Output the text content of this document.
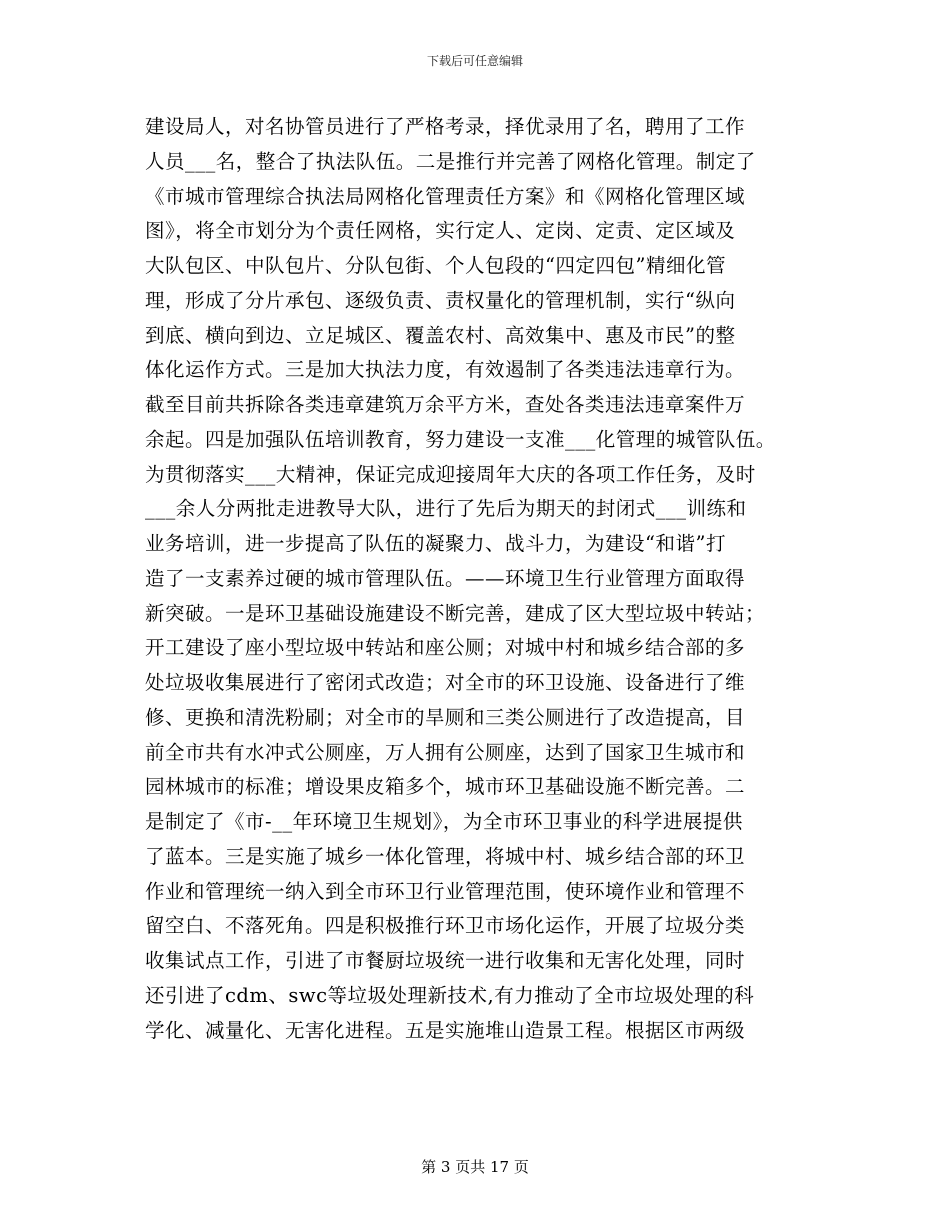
下载后可任意编辑
建设局人，对名协管员进行了严格考录，择优录用了名，聘用了工作
人员___名，整合了执法队伍。二是推行并完善了网格化管理。制定了
《市城市管理综合执法局网格化管理责任方案》和《网格化管理区域
图》，将全市划分为个责任网格，实行定人、定岗、定责、定区域及
大队包区、中队包片、分队包街、个人包段的“四定四包”精细化管
理，形成了分片承包、逐级负责、责权量化的管理机制，实行“纵向
到底、横向到边、立足城区、覆盖农村、高效集中、惠及市民”的整
体化运作方式。三是加大执法力度，有效遏制了各类违法违章行为。
截至目前共拆除各类违章建筑万余平方米，查处各类违法违章案件万
余起。四是加强队伍培训教育，努力建设一支准___化管理的城管队伍。
为贯彻落实___大精神，保证完成迎接周年大庆的各项工作任务，及时
___余人分两批走进教导大队，进行了先后为期天的封闭式___训练和
业务培训，进一步提高了队伍的凝聚力、战斗力，为建设“和谐”打
造了一支素养过硬的城市管理队伍。——环境卫生行业管理方面取得
新突破。一是环卫基础设施建设不断完善，建成了区大型垃圾中转站；
开工建设了座小型垃圾中转站和座公厕；对城中村和城乡结合部的多
处垃圾收集展进行了密闭式改造；对全市的环卫设施、设备进行了维
修、更换和清洗粉刷；对全市的旱厕和三类公厕进行了改造提高，目
前全市共有水冲式公厕座，万人拥有公厕座，达到了国家卫生城市和
园林城市的标准；增设果皮箱多个，城市环卫基础设施不断完善。二
是制定了《市-__年环境卫生规划》，为全市环卫事业的科学进展提供
了蓝本。三是实施了城乡一体化管理，将城中村、城乡结合部的环卫
作业和管理统一纳入到全市环卫行业管理范围，使环境作业和管理不
留空白、不落死角。四是积极推行环卫市场化运作，开展了垃圾分类
收集试点工作，引进了市餐厨垃圾统一进行收集和无害化处理，同时
还引进了cdm、swc等垃圾处理新技术,有力推动了全市垃圾处理的科
学化、减量化、无害化进程。五是实施堆山造景工程。根据区市两级
第 3 页共 17 页
